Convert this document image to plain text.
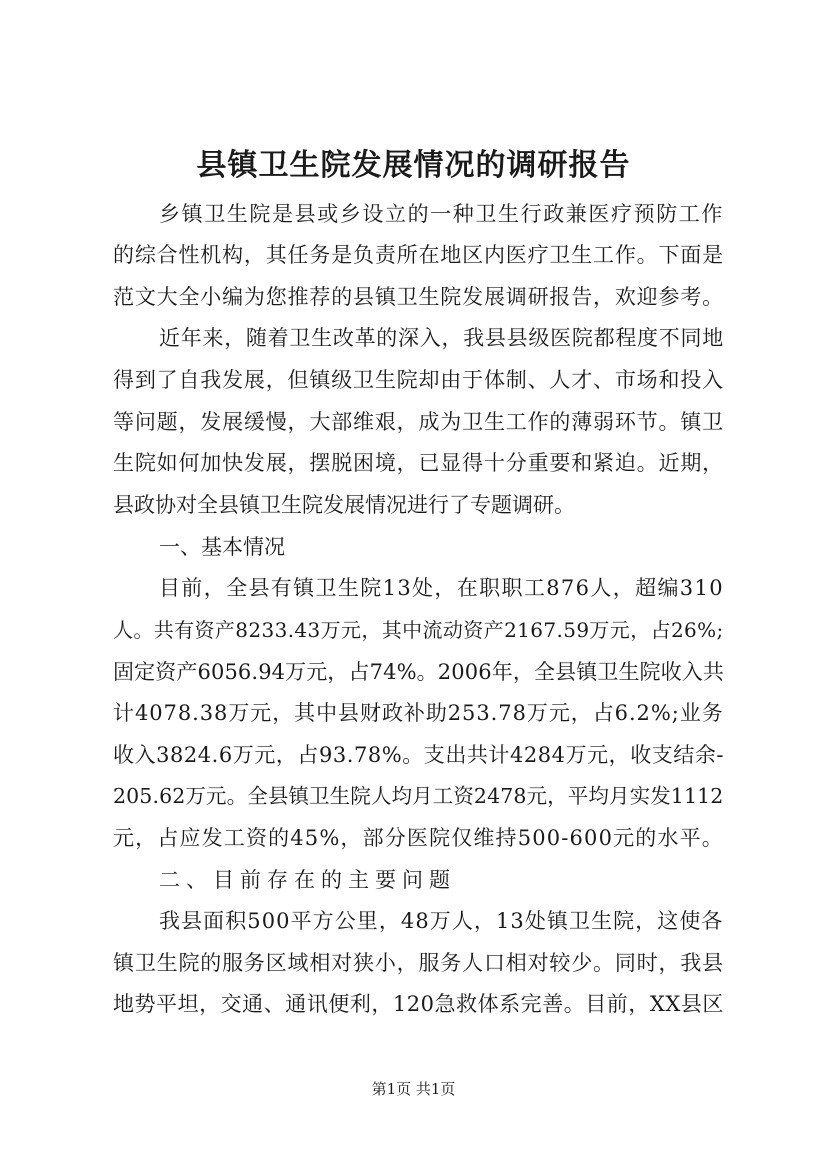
县镇卫生院发展情况的调研报告
乡镇卫生院是县或乡设立的一种卫生行政兼医疗预防工作
的综合性机构，其任务是负责所在地区内医疗卫生工作。下面是
范文大全小编为您推荐的县镇卫生院发展调研报告，欢迎参考。
近年来，随着卫生改革的深入，我县县级医院都程度不同地
得到了自我发展，但镇级卫生院却由于体制、人才、市场和投入
等问题，发展缓慢，大部维艰，成为卫生工作的薄弱环节。镇卫
生院如何加快发展，摆脱困境，已显得十分重要和紧迫。近期，
县政协对全县镇卫生院发展情况进行了专题调研。
一、基本情况
目前，全县有镇卫生院13处，在职职工876人，超编310
人。共有资产8233.43万元，其中流动资产2167.59万元，占26%;
固定资产6056.94万元，占74%。2006年，全县镇卫生院收入共
计4078.38万元，其中县财政补助253.78万元，占6.2%;业务
收入3824.6万元，占93.78%。支出共计4284万元，收支结余-
205.62万元。全县镇卫生院人均月工资2478元，平均月实发1112
元，占应发工资的45%，部分医院仅维持500-600元的水平。
二、目前存在的主要问题
我县面积500平方公里，48万人，13处镇卫生院，这使各
镇卫生院的服务区域相对狭小，服务人口相对较少。同时，我县
地势平坦，交通、通讯便利，120急救体系完善。目前，XX县区
第1页 共1页
